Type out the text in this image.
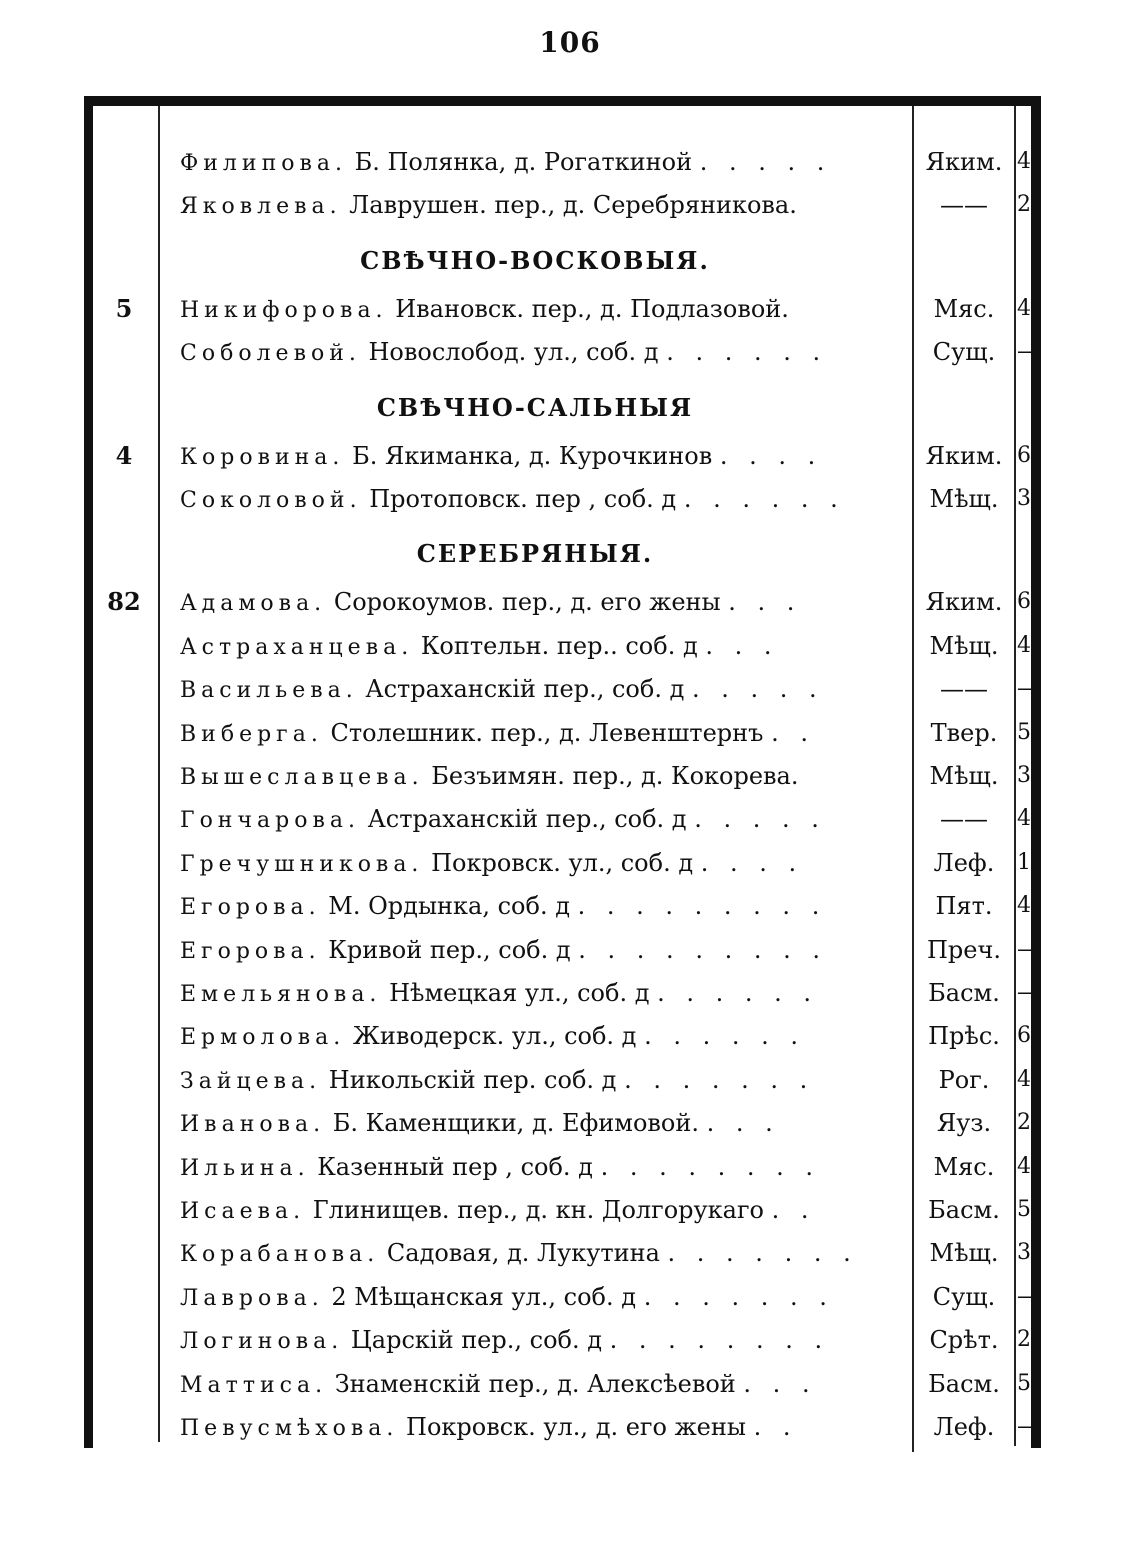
106
Филипова. Б. Полянка, д. Рогаткиной . . . . .	Яким. 4
Яковлева. Лаврушен. пер., д. Серебряникова.	——	2
СВѢЧНО-ВОСКОВЫЯ.
5	Никифорова. Ивановск. пер., д. Подлазовой.	Мяс.	4
Соболевой. Новослобод. ул., соб. д . . . . . .	Сущ. —
СВѢЧНО-САЛЬНЫЯ
4	Коровина. Б. Якиманка, д. Курочкинов . . . .	Яким. 6
Соколовой. Протоповск. пер , соб. д . . . . . .	Мѣщ. 3
СЕРЕБРЯНЫЯ.
82	Адамова. Сорокоумов. пер., д. его жены . . .	Яким. 6
Астраханцева. Коптельн. пер.. соб. д . . .	Мѣщ. 4
Васильева. Астраханскій пер., соб. д . . . . .	——	—
Виберга. Столешник. пер., д. Левенштернъ . .	Твер. 5
Вышеславцева. Безъимян. пер., д. Кокорева.	Мѣщ. 3
Гончарова. Астраханскій пер., соб. д . . . . .	——	4
Гречушникова. Покровск. ул., соб. д . . . .	Леф.	1
Егорова. М. Ордынка, соб. д . . . . . . . . .	Пят.	4
Егорова. Кривой пер., соб. д . . . . . . . . .	Преч. —
Емельянова. Нѣмецкая ул., соб. д . . . . . .	Басм. —
Ермолова. Живодерск. ул., соб. д . . . . . .	Прѣс. 6
Зайцева. Никольскій пер. соб. д . . . . . . .	Рог.	4
Иванова. Б. Каменщики, д. Ефимовой. . . .	Яуз.	2
Ильина. Казенный пер , соб. д . . . . . . . .	Мяс.	4
Исаева. Глинищев. пер., д. кн. Долгорукаго . .	Басм. 5
Корабанова. Садовая, д. Лукутина . . . . . . .	Мѣщ. 3
Лаврова. 2 Мѣщанская ул., соб. д . . . . . . .	Сущ. —
Логинова. Царскій пер., соб. д . . . . . . . .	Срѣт. 2
Маттиса. Знаменскій пер., д. Алексѣевой . . .	Басм. 5
Певусмѣхова. Покровск. ул., д. его жены . .	Леф.	—
